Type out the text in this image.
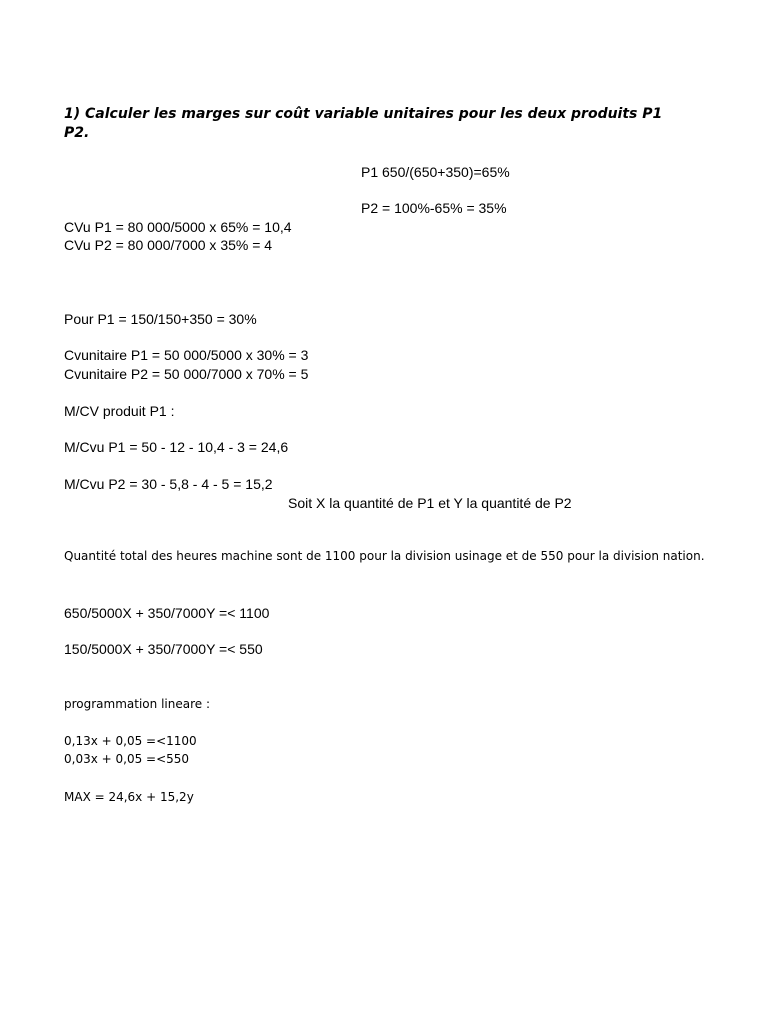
1) Calculer les marges sur coût variable unitaires pour les deux produits P1 P2.
P1 650/(650+350)=65%
P2 = 100%-65% = 35%
CVu P1 = 80 000/5000 x 65% = 10,4
CVu P2 = 80 000/7000 x 35% = 4
Pour P1 = 150/150+350 = 30%
Cvunitaire P1 = 50 000/5000 x 30% = 3
Cvunitaire P2 = 50 000/7000 x 70% = 5
M/CV produit P1 :
M/Cvu P1 = 50 - 12 - 10,4 - 3 = 24,6
M/Cvu P2 = 30 - 5,8 - 4 - 5 = 15,2
Soit X la quantité de P1 et Y la quantité de P2
Quantité total des heures machine sont de 1100 pour la division usinage et de 550 pour la division nation.
650/5000X + 350/7000Y =< 1100
150/5000X + 350/7000Y =< 550
programmation lineare :
0,13x + 0,05 =<1100
0,03x + 0,05 =<550
MAX = 24,6x + 15,2y
